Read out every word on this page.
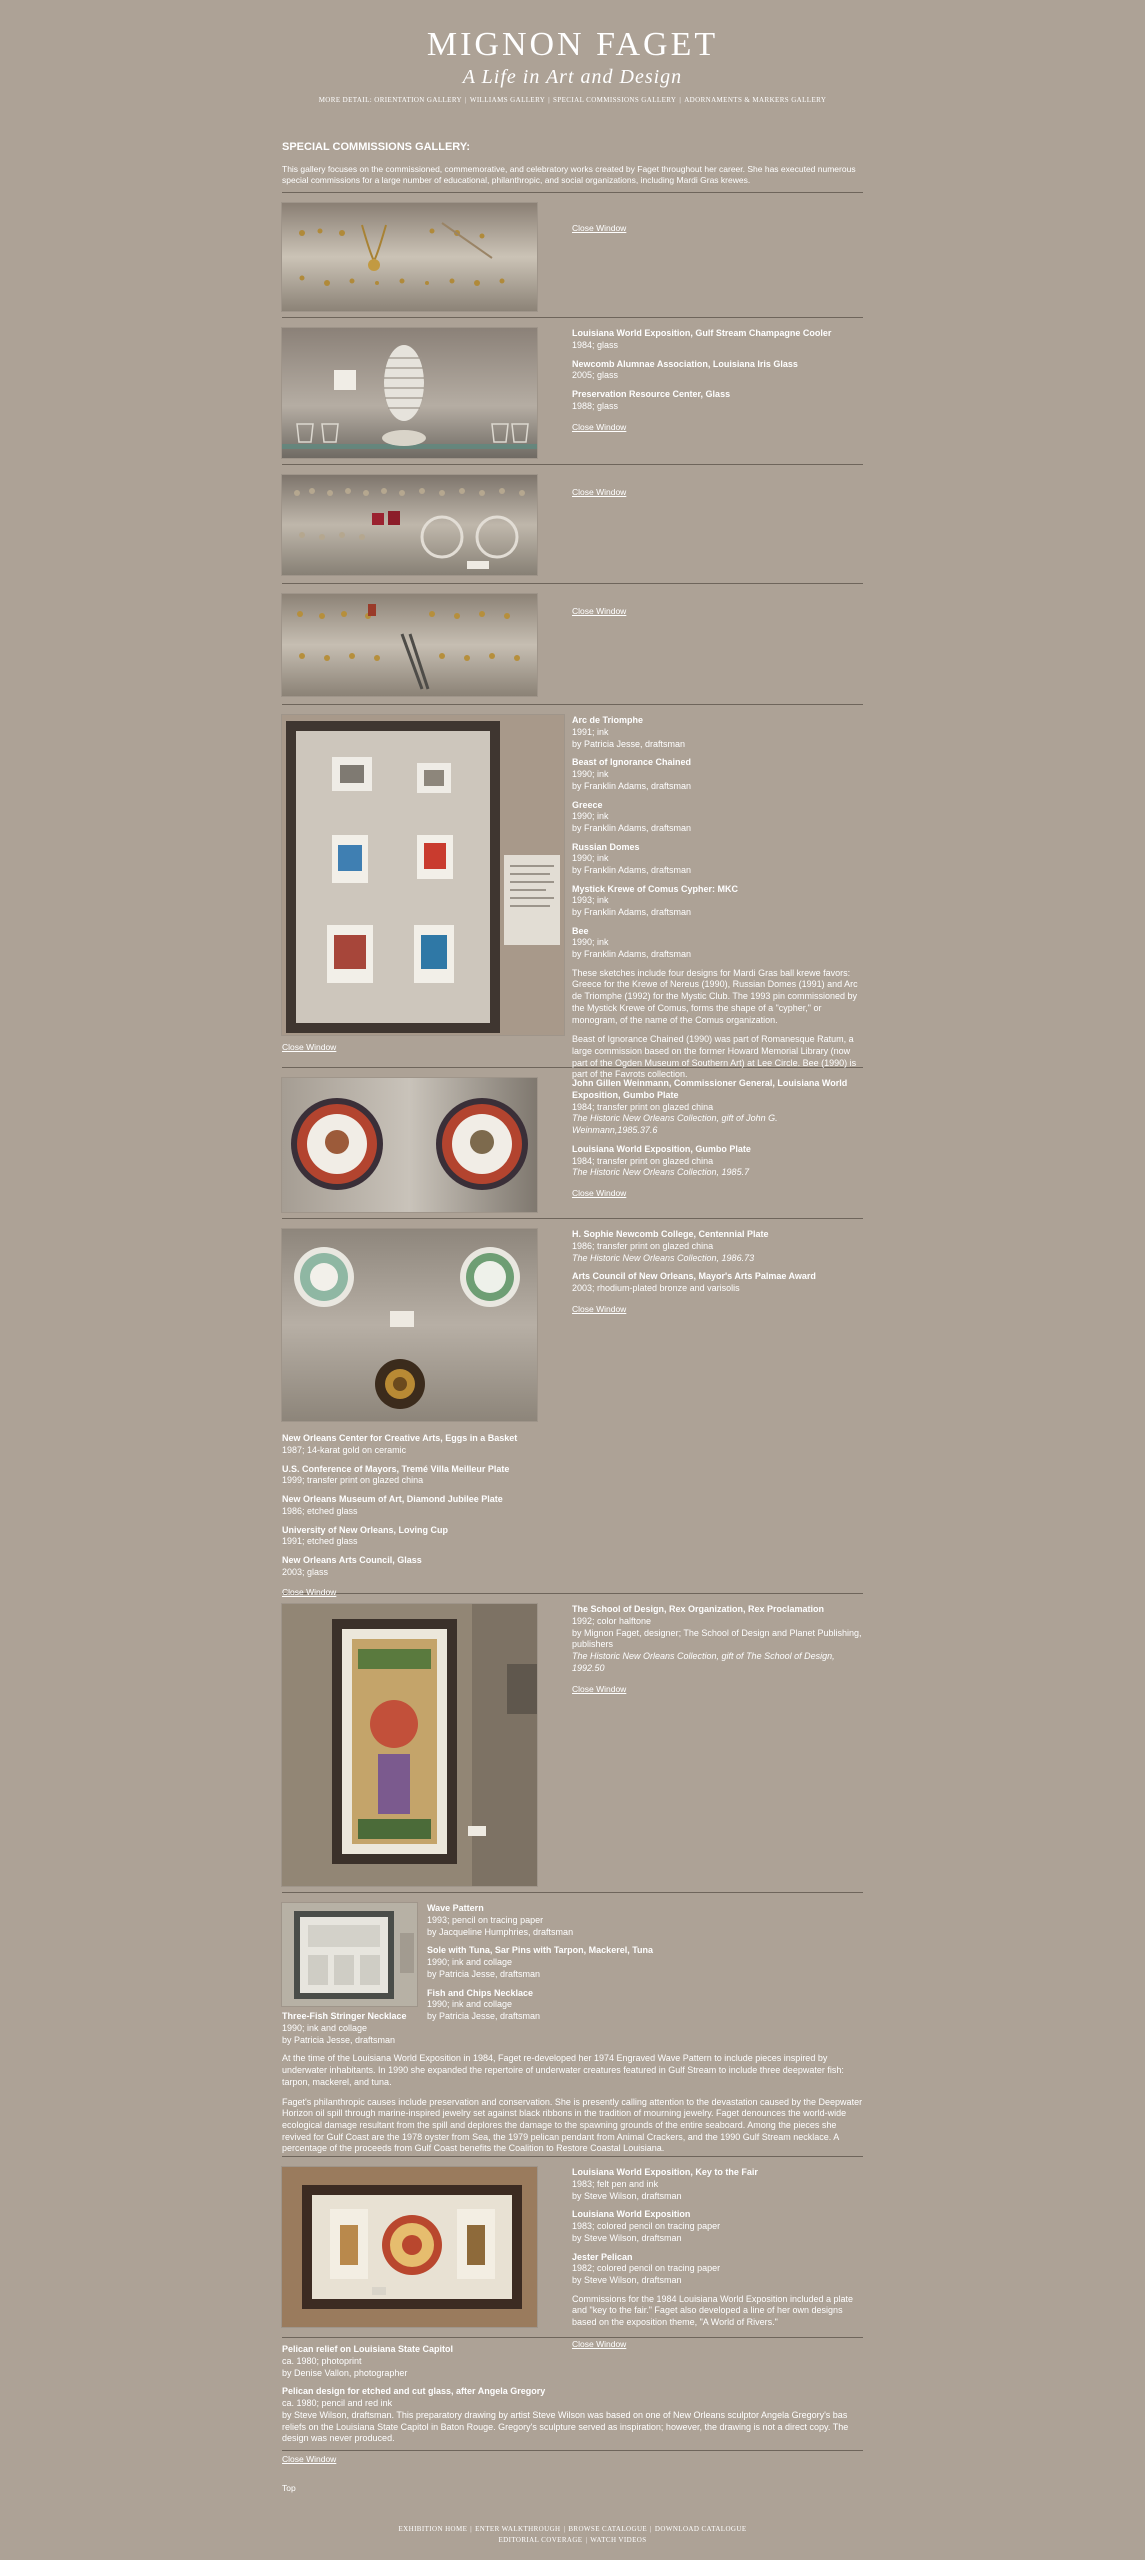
MIGNON FAGET
A Life in Art and Design
MORE DETAIL: ORIENTATION GALLERY | WILLIAMS GALLERY | SPECIAL COMMISSIONS GALLERY | ADORNAMENTS & MARKERS GALLERY
SPECIAL COMMISSIONS GALLERY:

This gallery focuses on the commissioned, commemorative, and celebratory works created by Faget throughout her career. She has executed numerous special commissions for a large number of educational, philanthropic, and social organizations, including Mardi Gras krewes.

Close Window
Louisiana World Exposition, Gulf Stream Champagne Cooler
1984; glass
Newcomb Alumnae Association, Louisiana Iris Glass
2005; glass
Preservation Resource Center, Glass
1988; glass
Close Window
Close Window
Close Window
Arc de Triomphe
1991; ink
by Patricia Jesse, draftsman
Beast of Ignorance Chained
1990; ink
by Franklin Adams, draftsman
Greece
1990; ink
by Franklin Adams, draftsman
Russian Domes
1990; ink
by Franklin Adams, draftsman
Mystick Krewe of Comus Cypher: MKC
1993; ink
by Franklin Adams, draftsman
Bee
1990; ink
by Franklin Adams, draftsman

These sketches include four designs for Mardi Gras ball krewe favors: Greece for the Krewe of Nereus (1990), Russian Domes (1991) and Arc de Triomphe (1992) for the Mystic Club. The 1993 pin commissioned by the Mystick Krewe of Comus, forms the shape of a "cypher," or monogram, of the name of the Comus organization.

Beast of Ignorance Chained (1990) was part of Romanesque Ratum, a large commission based on the former Howard Memorial Library (now part of the Ogden Museum of Southern Art) at Lee Circle. Bee (1990) is part of the Favrots collection.

Close Window
John Gillen Weinmann, Commissioner General, Louisiana World Exposition, Gumbo Plate
1984; transfer print on glazed china
The Historic New Orleans Collection, gift of John G. Weinmann,1985.37.6
Louisiana World Exposition, Gumbo Plate
1984; transfer print on glazed china
The Historic New Orleans Collection, 1985.7
Close Window
H. Sophie Newcomb College, Centennial Plate
1986; transfer print on glazed china
The Historic New Orleans Collection, 1986.73
Arts Council of New Orleans, Mayor's Arts Palmae Award
2003; rhodium-plated bronze and varisolis
Close Window
New Orleans Center for Creative Arts, Eggs in a Basket
1987; 14-karat gold on ceramic
U.S. Conference of Mayors, Tremé Villa Meilleur Plate
1999; transfer print on glazed china
New Orleans Museum of Art, Diamond Jubilee Plate
1986; etched glass
University of New Orleans, Loving Cup
1991; etched glass
New Orleans Arts Council, Glass
2003; glass
Close Window
The School of Design, Rex Organization, Rex Proclamation
1992; color halftone
by Mignon Faget, designer; The School of Design and Planet Publishing, publishers
The Historic New Orleans Collection, gift of The School of Design, 1992.50
Close Window
Wave Pattern
1993; pencil on tracing paper
by Jacqueline Humphries, draftsman
Sole with Tuna, Sar Pins with Tarpon, Mackerel, Tuna
1990; ink and collage
by Patricia Jesse, draftsman
Fish and Chips Necklace
1990; ink and collage
by Patricia Jesse, draftsman
Three-Fish Stringer Necklace
1990; ink and collage
by Patricia Jesse, draftsman

At the time of the Louisiana World Exposition in 1984, Faget re-developed her 1974 Engraved Wave Pattern to include pieces inspired by underwater inhabitants. In 1990 she expanded the repertoire of underwater creatures featured in Gulf Stream to include three deepwater fish: tarpon, mackerel, and tuna.

Faget's philanthropic causes include preservation and conservation. She is presently calling attention to the devastation caused by the Deepwater Horizon oil spill through marine-inspired jewelry set against black ribbons in the tradition of mourning jewelry. Faget denounces the world-wide ecological damage resultant from the spill and deplores the damage to the spawning grounds of the entire seaboard. Among the pieces she revived for Gulf Coast are the 1978 oyster from Sea, the 1979 pelican pendant from Animal Crackers, and the 1990 Gulf Stream necklace. A percentage of the proceeds from Gulf Coast benefits the Coalition to Restore Coastal Louisiana.

Louisiana World Exposition, Key to the Fair
1983; felt pen and ink
by Steve Wilson, draftsman
Louisiana World Exposition
1983; colored pencil on tracing paper
by Steve Wilson, draftsman
Jester Pelican
1982; colored pencil on tracing paper
by Steve Wilson, draftsman

Commissions for the 1984 Louisiana World Exposition included a plate and "key to the fair." Faget also developed a line of her own designs based on the exposition theme, "A World of Rivers."

Close Window
Pelican relief on Louisiana State Capitol
ca. 1980; photoprint
by Denise Vallon, photographer
Pelican design for etched and cut glass, after Angela Gregory
ca. 1980; pencil and red ink
by Steve Wilson, draftsman. This preparatory drawing by artist Steve Wilson was based on one of New Orleans sculptor Angela Gregory's bas reliefs on the Louisiana State Capitol in Baton Rouge. Gregory's sculpture served as inspiration; however, the drawing is not a direct copy. The design was never produced.
Close Window
Top
EXHIBITION HOME | ENTER WALKTHROUGH | BROWSE CATALOGUE | DOWNLOAD CATALOGUE
EDITORIAL COVERAGE | WATCH VIDEOS
